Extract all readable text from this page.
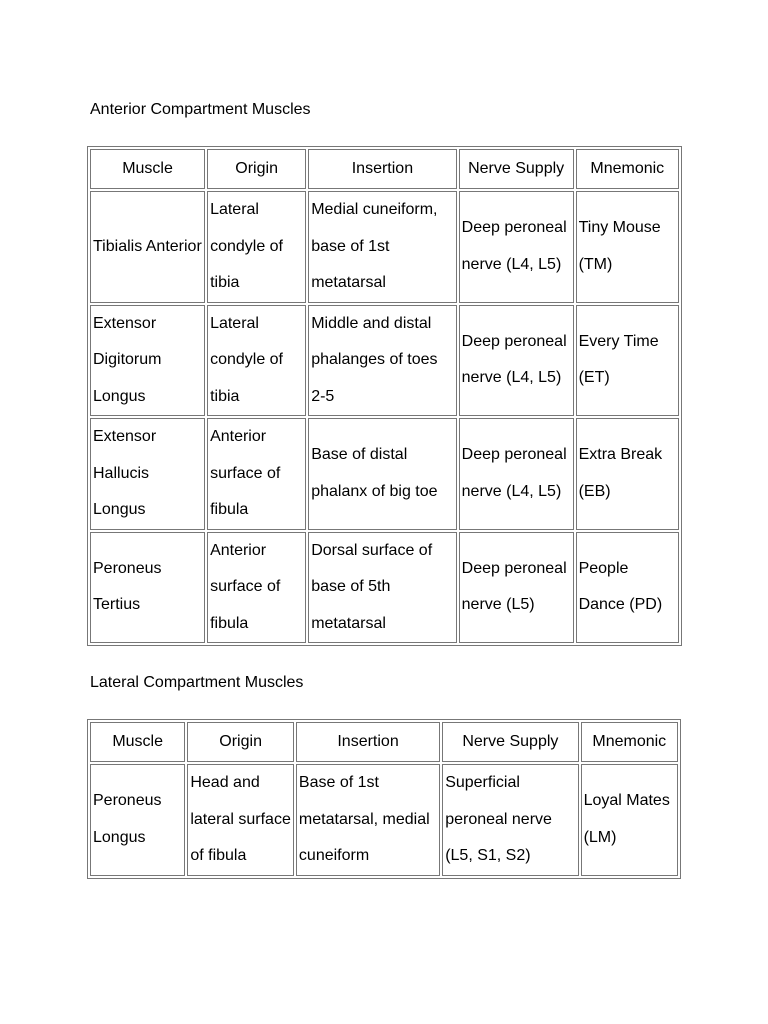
Anterior Compartment Muscles
Muscle	Origin	Insertion	Nerve Supply	Mnemonic
Tibialis Anterior	Lateral condyle of tibia	Medial cuneiform, base of 1st metatarsal	Deep peroneal nerve (L4, L5)	Tiny Mouse (TM)
Extensor Digitorum Longus	Lateral condyle of tibia	Middle and distal phalanges of toes 2-5	Deep peroneal nerve (L4, L5)	Every Time (ET)
Extensor Hallucis Longus	Anterior surface of fibula	Base of distal phalanx of big toe	Deep peroneal nerve (L4, L5)	Extra Break (EB)
Peroneus Tertius	Anterior surface of fibula	Dorsal surface of base of 5th metatarsal	Deep peroneal nerve (L5)	People Dance (PD)
Lateral Compartment Muscles
Muscle	Origin	Insertion	Nerve Supply	Mnemonic
Peroneus Longus	Head and lateral surface of fibula	Base of 1st metatarsal, medial cuneiform	Superficial peroneal nerve (L5, S1, S2)	Loyal Mates (LM)
